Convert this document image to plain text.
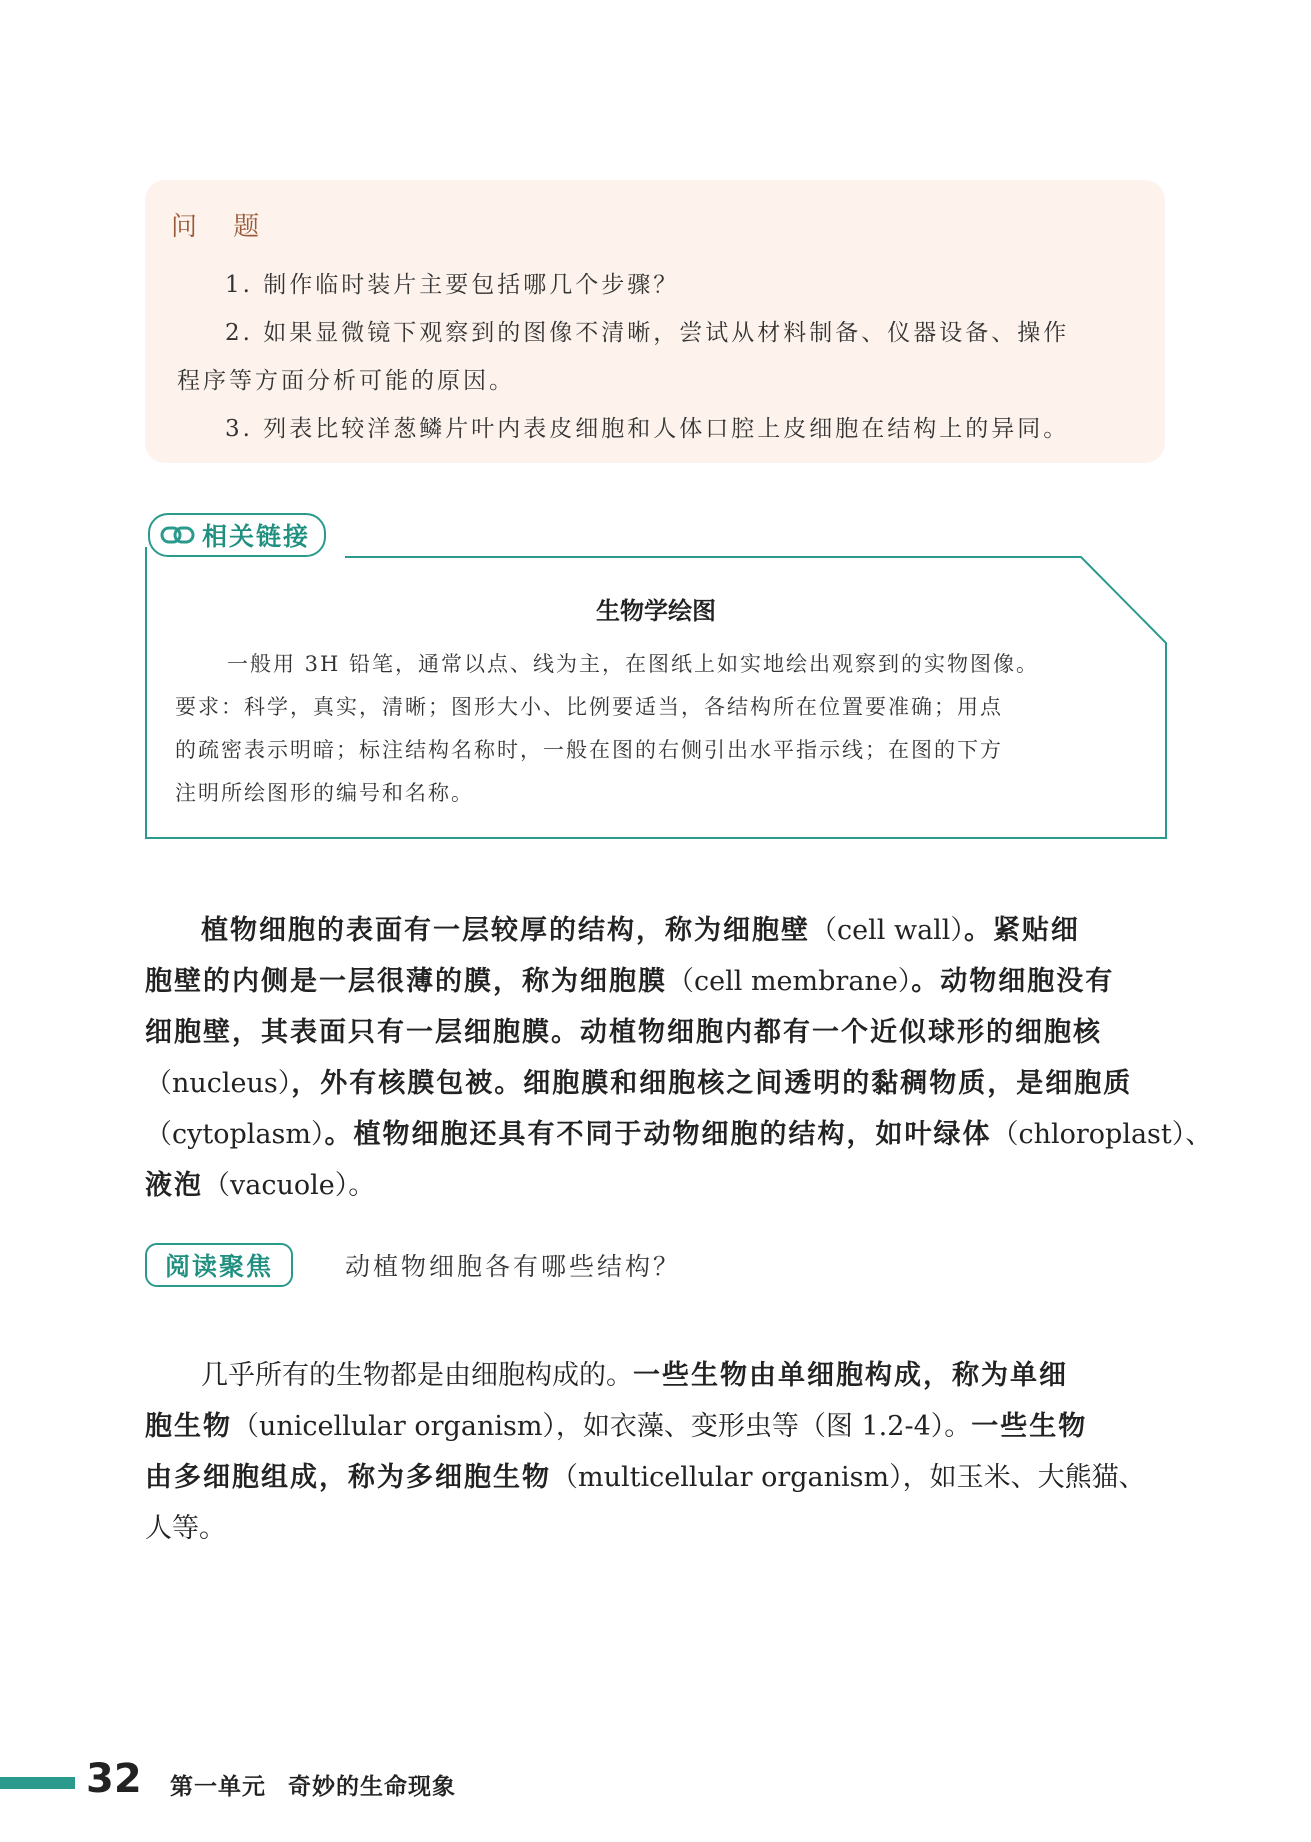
问 题
1. 制作临时装片主要包括哪几个步骤？
2. 如果显微镜下观察到的图像不清晰，尝试从材料制备、仪器设备、操作
程序等方面分析可能的原因。
3. 列表比较洋葱鳞片叶内表皮细胞和人体口腔上皮细胞在结构上的异同。
相关链接
生物学绘图
一般用 3H 铅笔，通常以点、线为主，在图纸上如实地绘出观察到的实物图像。
要求：科学，真实，清晰；图形大小、比例要适当，各结构所在位置要准确；用点
的疏密表示明暗；标注结构名称时，一般在图的右侧引出水平指示线；在图的下方
注明所绘图形的编号和名称。
植物细胞的表面有一层较厚的结构，称为细胞壁（cell wall）。紧贴细
胞壁的内侧是一层很薄的膜，称为细胞膜（cell membrane）。动物细胞没有
细胞壁，其表面只有一层细胞膜。动植物细胞内都有一个近似球形的细胞核
（nucleus），外有核膜包被。细胞膜和细胞核之间透明的黏稠物质，是细胞质
（cytoplasm）。植物细胞还具有不同于动物细胞的结构，如叶绿体（chloroplast）、
液泡（vacuole）。
阅读聚焦	动植物细胞各有哪些结构？
几乎所有的生物都是由细胞构成的。一些生物由单细胞构成，称为单细
胞生物（unicellular organism），如衣藻、变形虫等（图 1.2-4）。一些生物
由多细胞组成，称为多细胞生物（multicellular organism），如玉米、大熊猫、
人等。
32 第一单元 奇妙的生命现象
